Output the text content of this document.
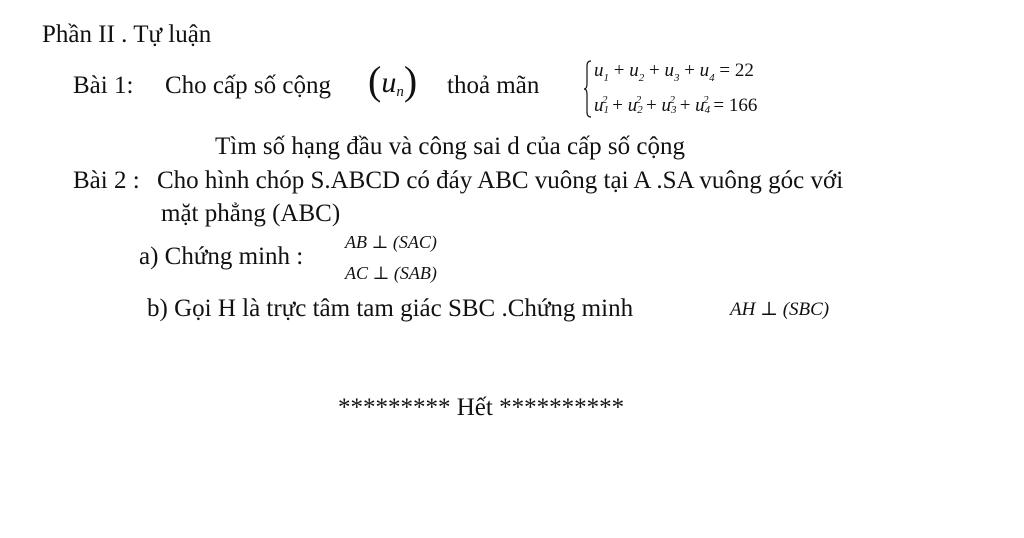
Phần II . Tự luận
Bài 1: Cho cấp số cộng $(u_n)$ thoả mãn
$u_1 + u_2 + u_3 + u_4 = 22$
$u_1^2 + u_2^2 + u_3^2 + u_4^2 = 166$
Tìm số hạng đầu và công sai d của cấp số cộng
Bài 2 : Cho hình chóp S.ABCD có đáy ABC vuông tại A .SA vuông góc với
mặt phẳng (ABC)
a) Chứng minh :
AB ⊥ (SAC)
AC ⊥ (SAB)
b) Gọi H là trực tâm tam giác SBC .Chứng minh	AH ⊥ (SBC)
********* Hết **********
